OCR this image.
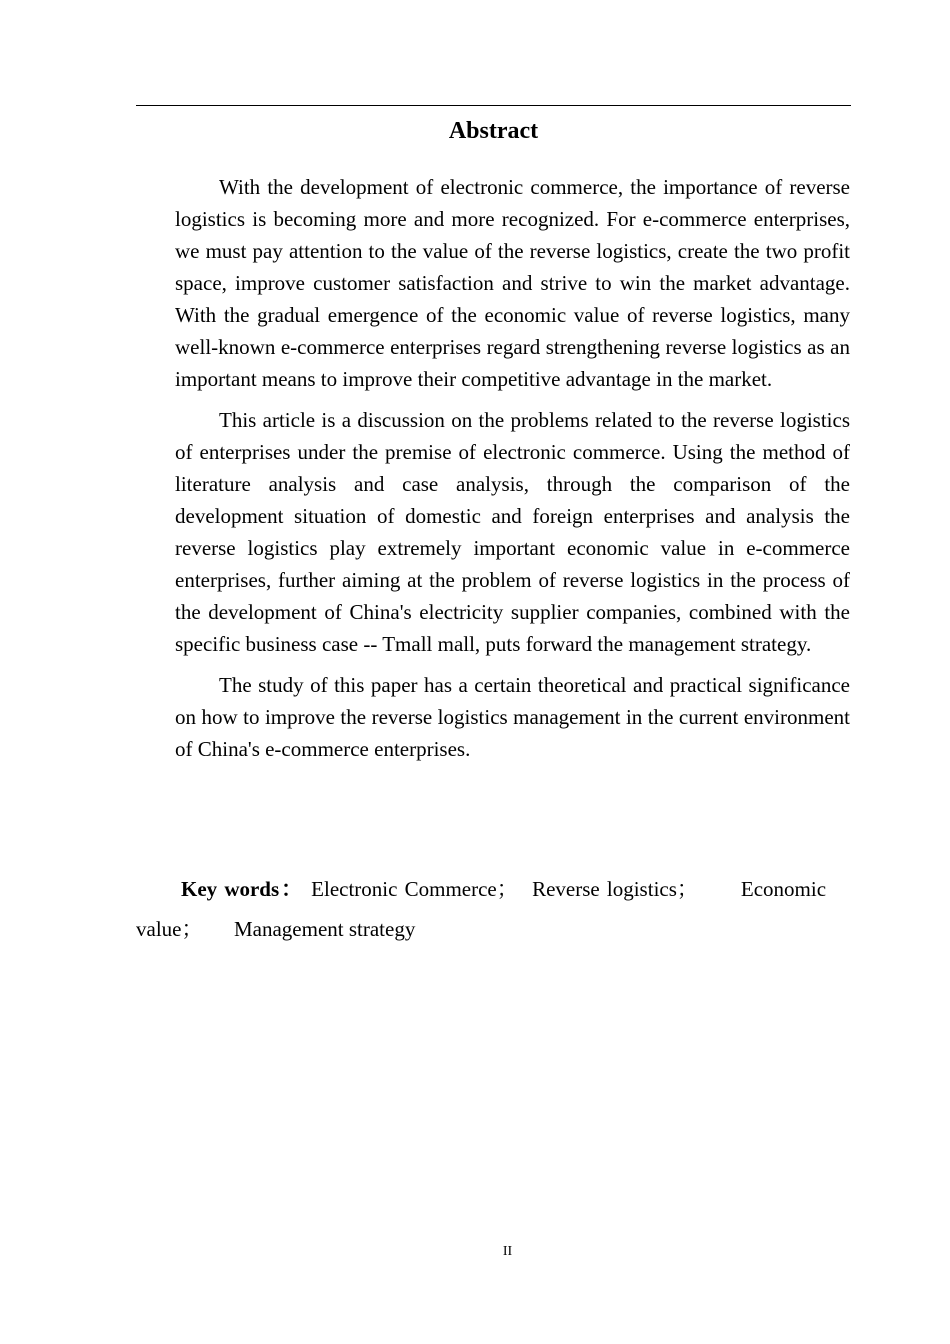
Abstract

With the development of electronic commerce, the importance of reverse logistics is becoming more and more recognized. For e-commerce enterprises, we must pay attention to the value of the reverse logistics, create the two profit space, improve customer satisfaction and strive to win the market advantage. With the gradual emergence of the economic value of reverse logistics, many well-known e-commerce enterprises regard strengthening reverse logistics as an important means to improve their competitive advantage in the market.

This article is a discussion on the problems related to the reverse logistics of enterprises under the premise of electronic commerce. Using the method of literature analysis and case analysis, through the comparison of the development situation of domestic and foreign enterprises and analysis the reverse logistics play extremely important economic value in e-commerce enterprises, further aiming at the problem of reverse logistics in the process of the development of China's electricity supplier companies, combined with the specific business case -- Tmall mall, puts forward the management strategy.

The study of this paper has a certain theoretical and practical significance on how to improve the reverse logistics management in the current environment of China's e-commerce enterprises.

Key words： Electronic Commerce； Reverse logistics； Economic value； Management strategy

II
